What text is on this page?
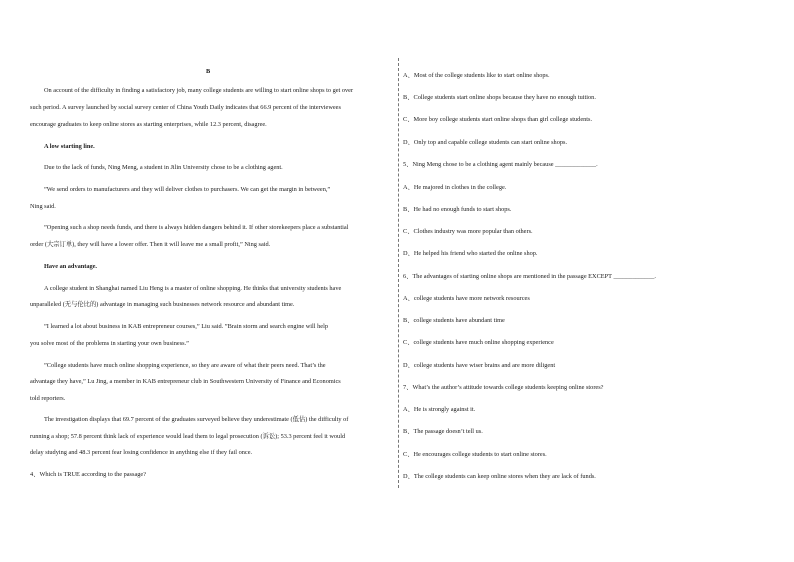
B

On account of the difficulty in finding a satisfactory job, many college students are willing to start online shops to get over

such period. A survey launched by social survey center of China Youth Daily indicates that 66.9 percent of the interviewees

encourage graduates to keep online stores as starting enterprises, while 12.3 percent, disagree.

A low starting line.

Due to the lack of funds, Ning Meng, a student in Jilin University chose to be a clothing agent.

”We send orders to manufacturers and they will deliver clothes to purchasers. We can get the margin in between,”

Ning said.

”Opening such a shop needs funds, and there is always hidden dangers behind it. If other storekeepers place a substantial

order (大宗订单), they will have a lower offer. Then it will leave me a small profit,” Ning said.

Have an advantage.

A college student in Shanghai named Liu Heng is a master of online shopping. He thinks that university students have

unparalleled (无与伦比的) advantage in managing such businesses network resource and abundant time.

”I learned a lot about business in KAB entrepreneur courses,” Liu said. ”Brain storm and search engine will help

you solve most of the problems in starting your own business.”

”College students have much online shopping experience, so they are aware of what their peers need. That’s the

advantage they have,” Lu Jing, a member in KAB entrepreneur club in Southwestern University of Finance and Economics

told reporters.

The investigation displays that 69.7 percent of the graduates surveyed believe they underestimate (低估) the difficulty of

running a shop; 57.8 percent think lack of experience would lead them to legal prosecution (诉讼); 53.3 percent feel it would

delay studying and 48.3 percent fear losing confidence in anything else if they fail once.

4、Which is TRUE according to the passage?

A、Most of the college students like to start online shops.

B、College students start online shops because they have no enough tuition.

C、More boy college students start online shops than girl college students.

D、Only top and capable college students can start online shops.

5、Ning Meng chose to be a clothing agent mainly because _____________.

A、He majored in clothes in the college.

B、He had no enough funds to start shops.

C、Clothes industry was more popular than others.

D、He helped his friend who started the online shop.

6、The advantages of starting online shops are mentioned in the passage EXCEPT _____________.

A、college students have more network resources

B、college students have abundant time

C、college students have much online shopping experience

D、college students have wiser brains and are more diligent

7、What’s the author’s attitude towards college students keeping online stores?

A、He is strongly against it.

B、The passage doesn’t tell us.

C、He encourages college students to start online stores.

D、The college students can keep online stores when they are lack of funds.
